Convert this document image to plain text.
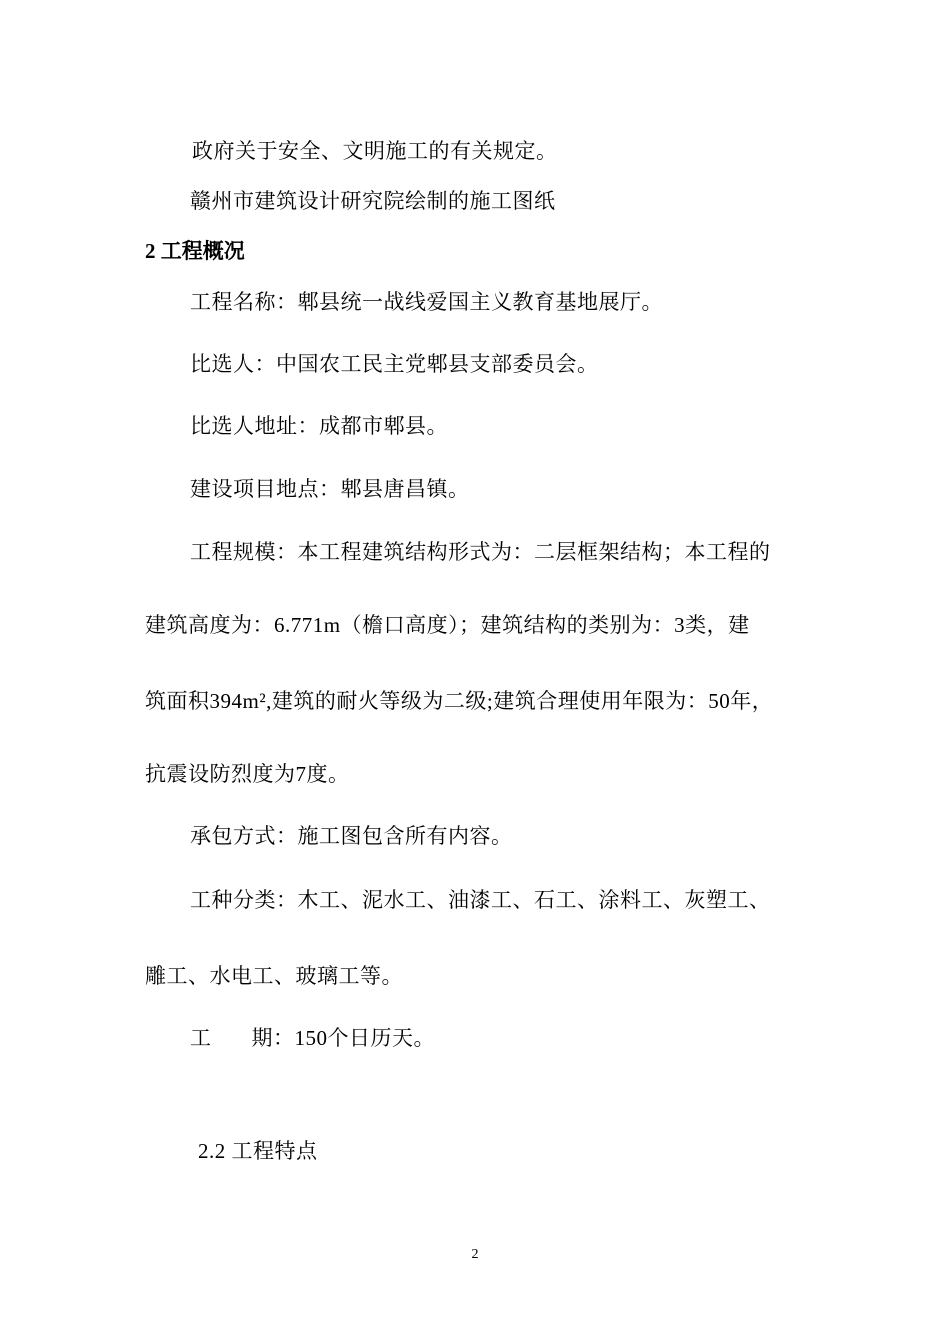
政府关于安全、文明施工的有关规定。
赣州市建筑设计研究院绘制的施工图纸
2 工程概况
工程名称：郫县统一战线爱国主义教育基地展厅。
比选人：中国农工民主党郫县支部委员会。
比选人地址：成都市郫县。
建设项目地点：郫县唐昌镇。
工程规模：本工程建筑结构形式为：二层框架结构；本工程的
建筑高度为：6.771m（檐口高度）；建筑结构的类别为：3类，建
筑面积394m²,建筑的耐火等级为二级;建筑合理使用年限为：50年，
抗震设防烈度为7度。
承包方式：施工图包含所有内容。
工种分类：木工、泥水工、油漆工、石工、涂料工、灰塑工、
雕工、水电工、玻璃工等。
工 期：150个日历天。
2.2 工程特点
2
